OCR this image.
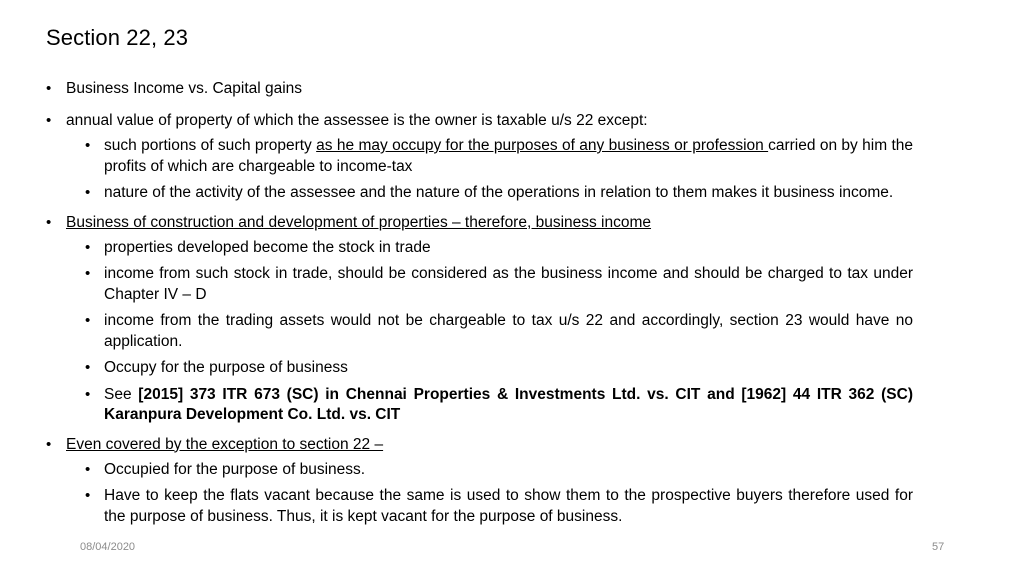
Section 22, 23
• Business Income vs. Capital gains
• annual value of property of which the assessee is the owner is taxable u/s 22 except:
• such portions of such property as he may occupy for the purposes of any business or profession carried on by him the profits of which are chargeable to income-tax
• nature of the activity of the assessee and the nature of the operations in relation to them makes it business income.
• Business of construction and development of properties – therefore, business income
• properties developed become the stock in trade
• income from such stock in trade, should be considered as the business income and should be charged to tax under Chapter IV – D
• income from the trading assets would not be chargeable to tax u/s 22 and accordingly, section 23 would have no application.
• Occupy for the purpose of business
• See [2015] 373 ITR 673 (SC) in Chennai Properties & Investments Ltd. vs. CIT and [1962] 44 ITR 362 (SC) Karanpura Development Co. Ltd. vs. CIT
• Even covered by the exception to section 22 –
• Occupied for the purpose of business.
• Have to keep the flats vacant because the same is used to show them to the prospective buyers therefore used for the purpose of business. Thus, it is kept vacant for the purpose of business.
08/04/2020	57
